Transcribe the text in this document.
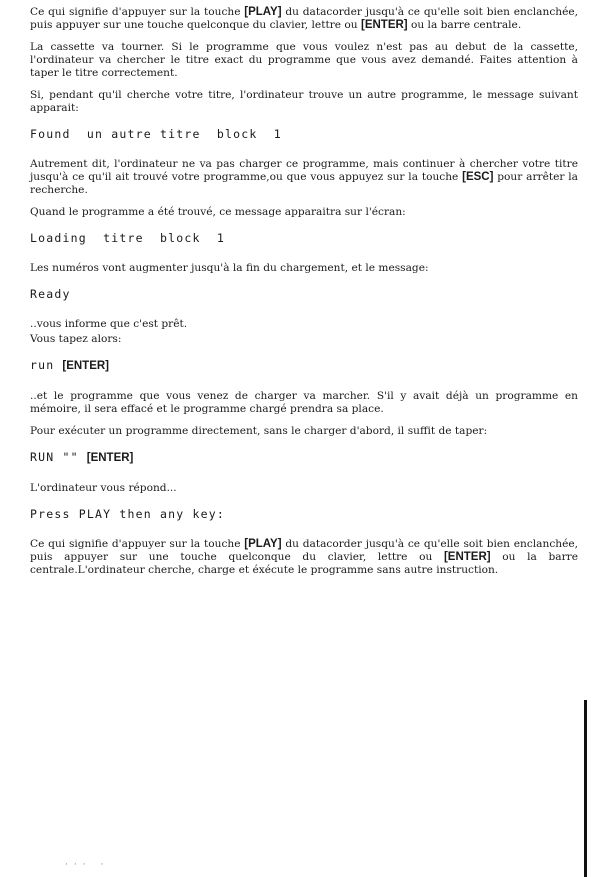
Ce qui signifie d'appuyer sur la touche [PLAY] du datacorder jusqu'à ce qu'elle soit bien enclanchée, puis appuyer sur une touche quelconque du clavier, lettre ou [ENTER] ou la barre centrale.

La cassette va tourner. Si le programme que vous voulez n'est pas au debut de la cassette, l'ordinateur va chercher le titre exact du programme que vous avez demandé. Faites attention à taper le titre correctement.

Si, pendant qu'il cherche votre titre, l'ordinateur trouve un autre programme, le message suivant apparait:

Found  un autre titre  block  1

Autrement dit, l'ordinateur ne va pas charger ce programme, mais continuer à chercher votre titre jusqu'à ce qu'il ait trouvé votre programme,ou que vous appuyez sur la touche [ESC] pour arrêter la recherche.

Quand le programme a été trouvé, ce message apparaitra sur l'écran:

Loading  titre  block  1

Les numéros vont augmenter jusqu'à la fin du chargement, et le message:

Ready

..vous informe que c'est prêt.

Vous tapez alors:

run [ENTER]

..et le programme que vous venez de charger va marcher. S'il y avait déjà un programme en mémoire, il sera effacé et le programme chargé prendra sa place.

Pour exécuter un programme directement, sans le charger d'abord, il suffit de taper:

RUN "" [ENTER]

L'ordinateur vous répond...

Press PLAY then any key:

Ce qui signifie d'appuyer sur la touche [PLAY] du datacorder jusqu'à ce qu'elle soit bien enclanchée, puis appuyer sur une touche quelconque du clavier, lettre ou [ENTER] ou la barre centrale.L'ordinateur cherche, charge et éxécute le programme sans autre instruction.

··· ·
